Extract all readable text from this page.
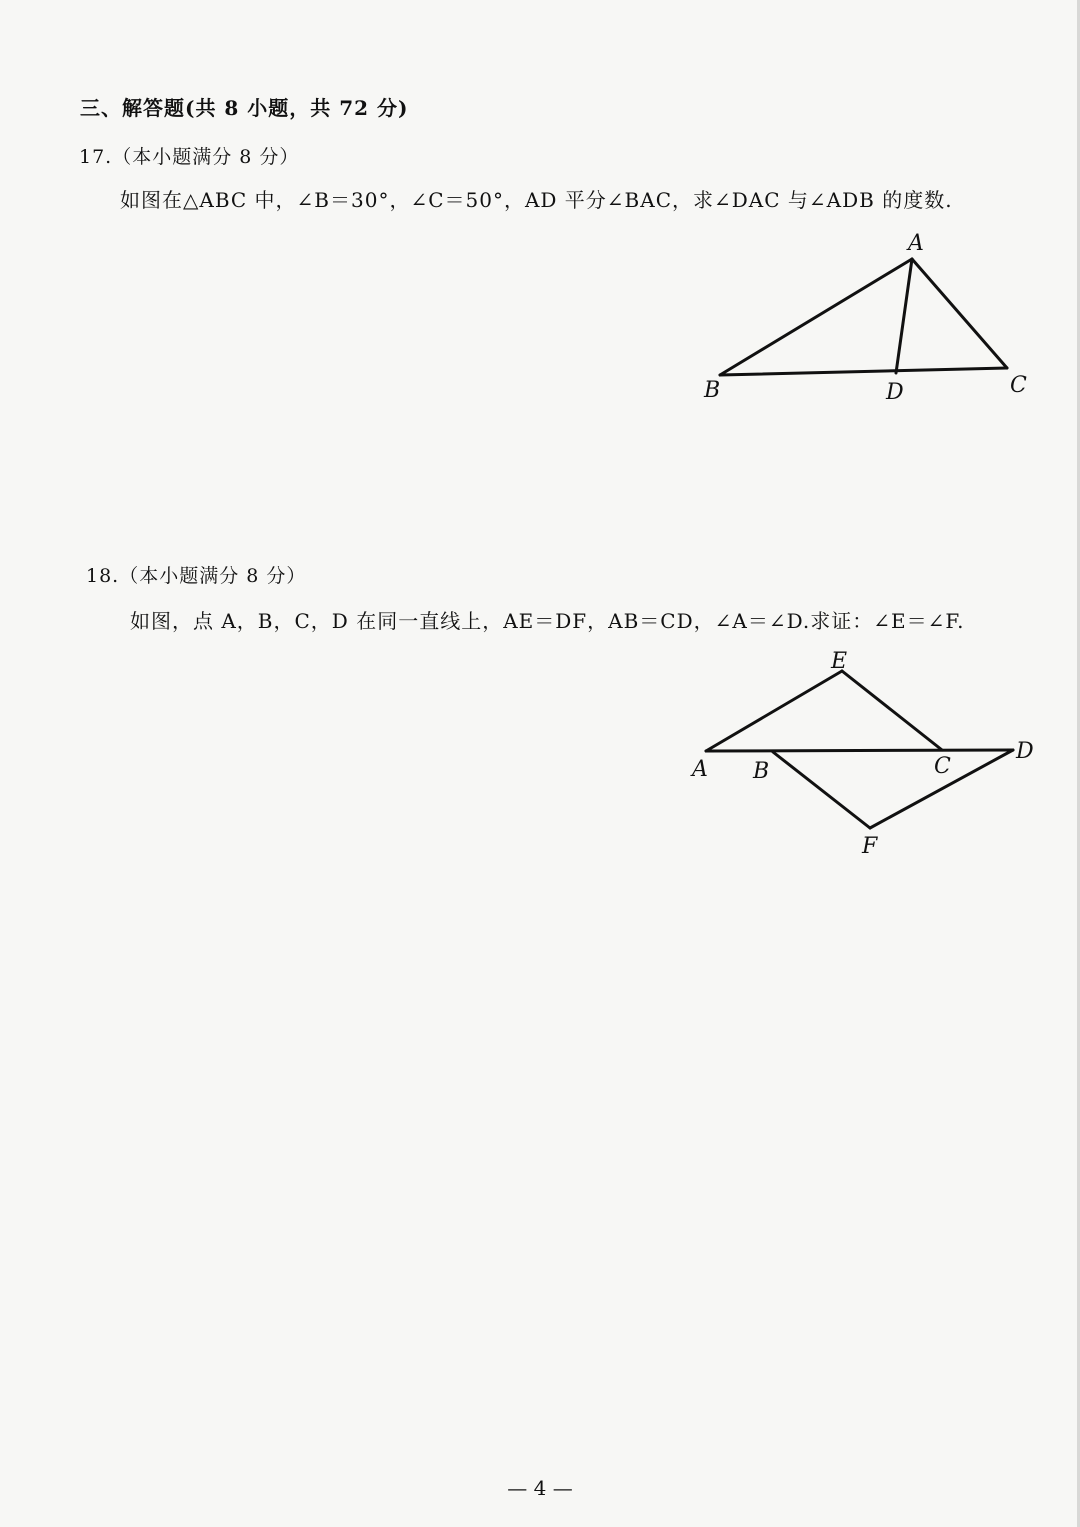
三、解答题(共 8 小题，共 72 分)

17.（本小题满分 8 分）

如图在△ABC 中，∠B＝30°，∠C＝50°，AD 平分∠BAC，求∠DAC 与∠ADB 的度数.

A
B	C
D

18.（本小题满分 8 分）

如图，点 A，B，C，D 在同一直线上，AE＝DF，AB＝CD，∠A＝∠D.求证：∠E＝∠F.

E
A B	C
D
F

— 4 —
